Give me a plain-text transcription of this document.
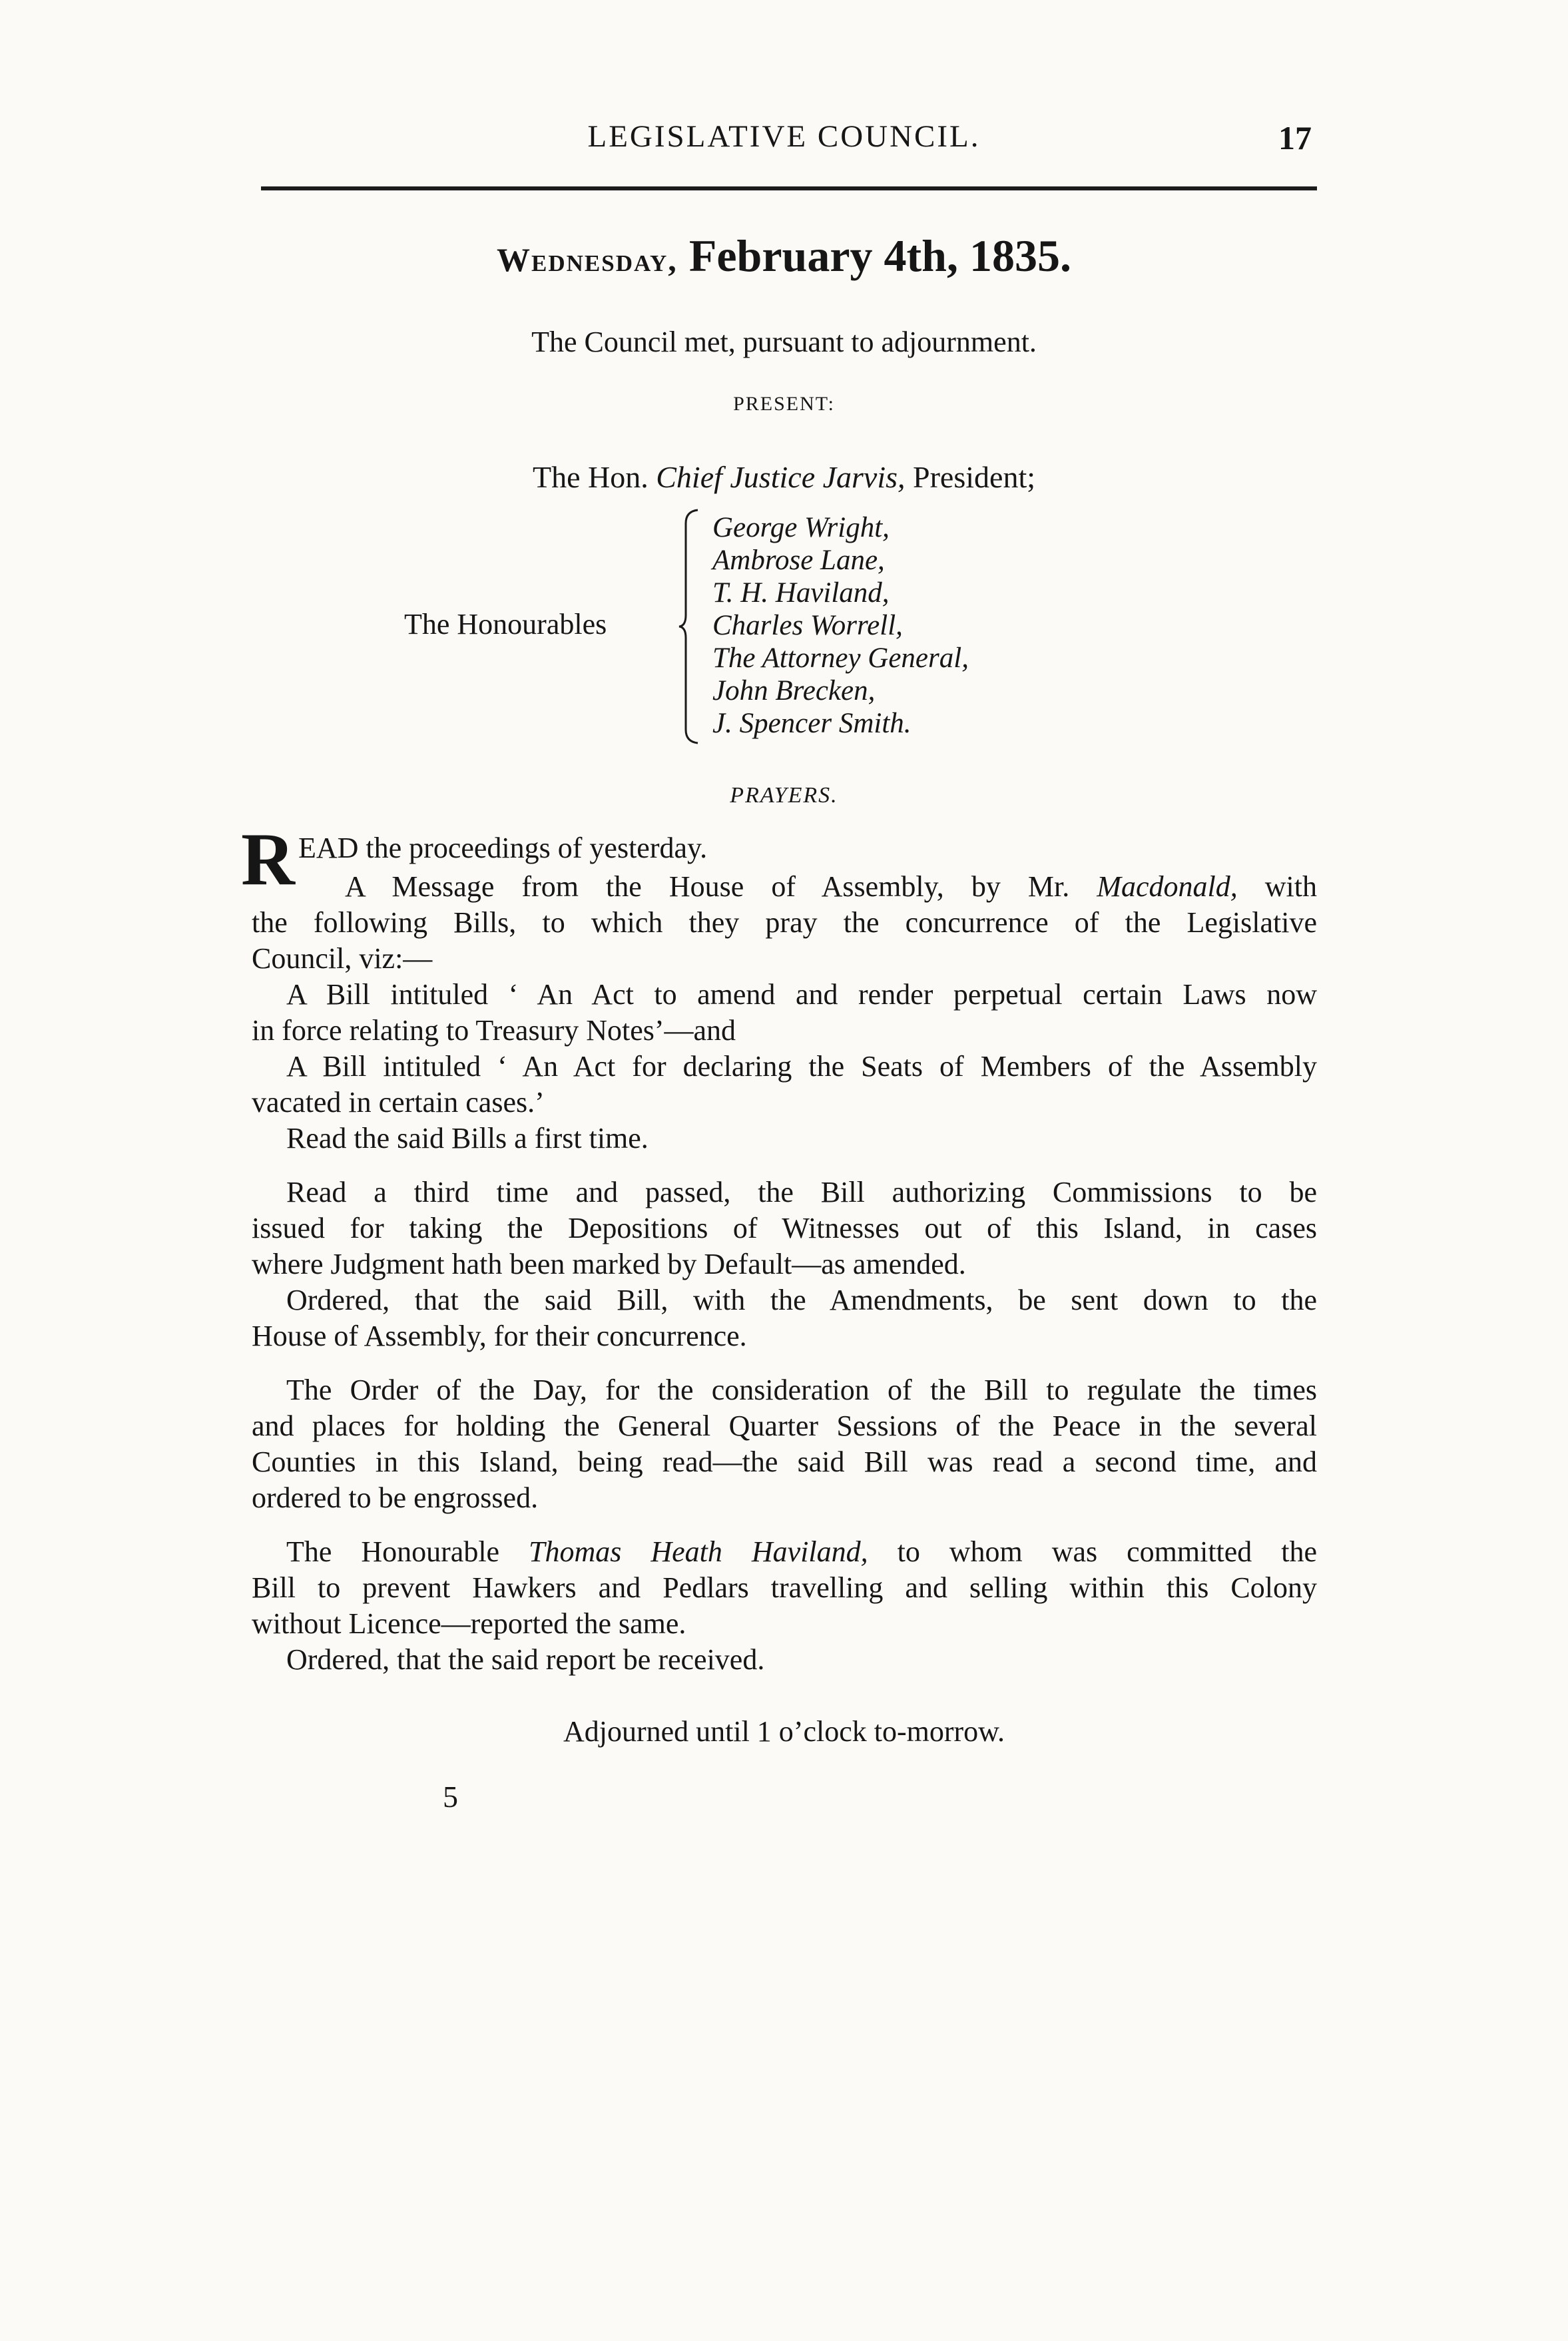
LEGISLATIVE COUNCIL.	17
Wednesday, February 4th, 1835.
The Council met, pursuant to adjournment.
PRESENT:
The Hon. Chief Justice Jarvis, President;
The Honourables
George Wright,
Ambrose Lane,
T. H. Haviland,
Charles Worrell,
The Attorney General,
John Brecken,
J. Spencer Smith.
PRAYERS.
R EAD the proceedings of yesterday.
A Message from the House of Assembly, by Mr. Macdonald, with
the following Bills, to which they pray the concurrence of the Legislative
Council, viz:—
A Bill intituled ‘ An Act to amend and render perpetual certain Laws now
in force relating to Treasury Notes’—and
A Bill intituled ‘ An Act for declaring the Seats of Members of the Assembly
vacated in certain cases.’
Read the said Bills a first time.
Read a third time and passed, the Bill authorizing Commissions to be
issued for taking the Depositions of Witnesses out of this Island, in cases
where Judgment hath been marked by Default—as amended.
Ordered, that the said Bill, with the Amendments, be sent down to the
House of Assembly, for their concurrence.
The Order of the Day, for the consideration of the Bill to regulate the times
and places for holding the General Quarter Sessions of the Peace in the several
Counties in this Island, being read—the said Bill was read a second time, and
ordered to be engrossed.
The Honourable Thomas Heath Haviland, to whom was committed the
Bill to prevent Hawkers and Pedlars travelling and selling within this Colony
without Licence—reported the same.
Ordered, that the said report be received.
Adjourned until 1 o’clock to-morrow.
5
